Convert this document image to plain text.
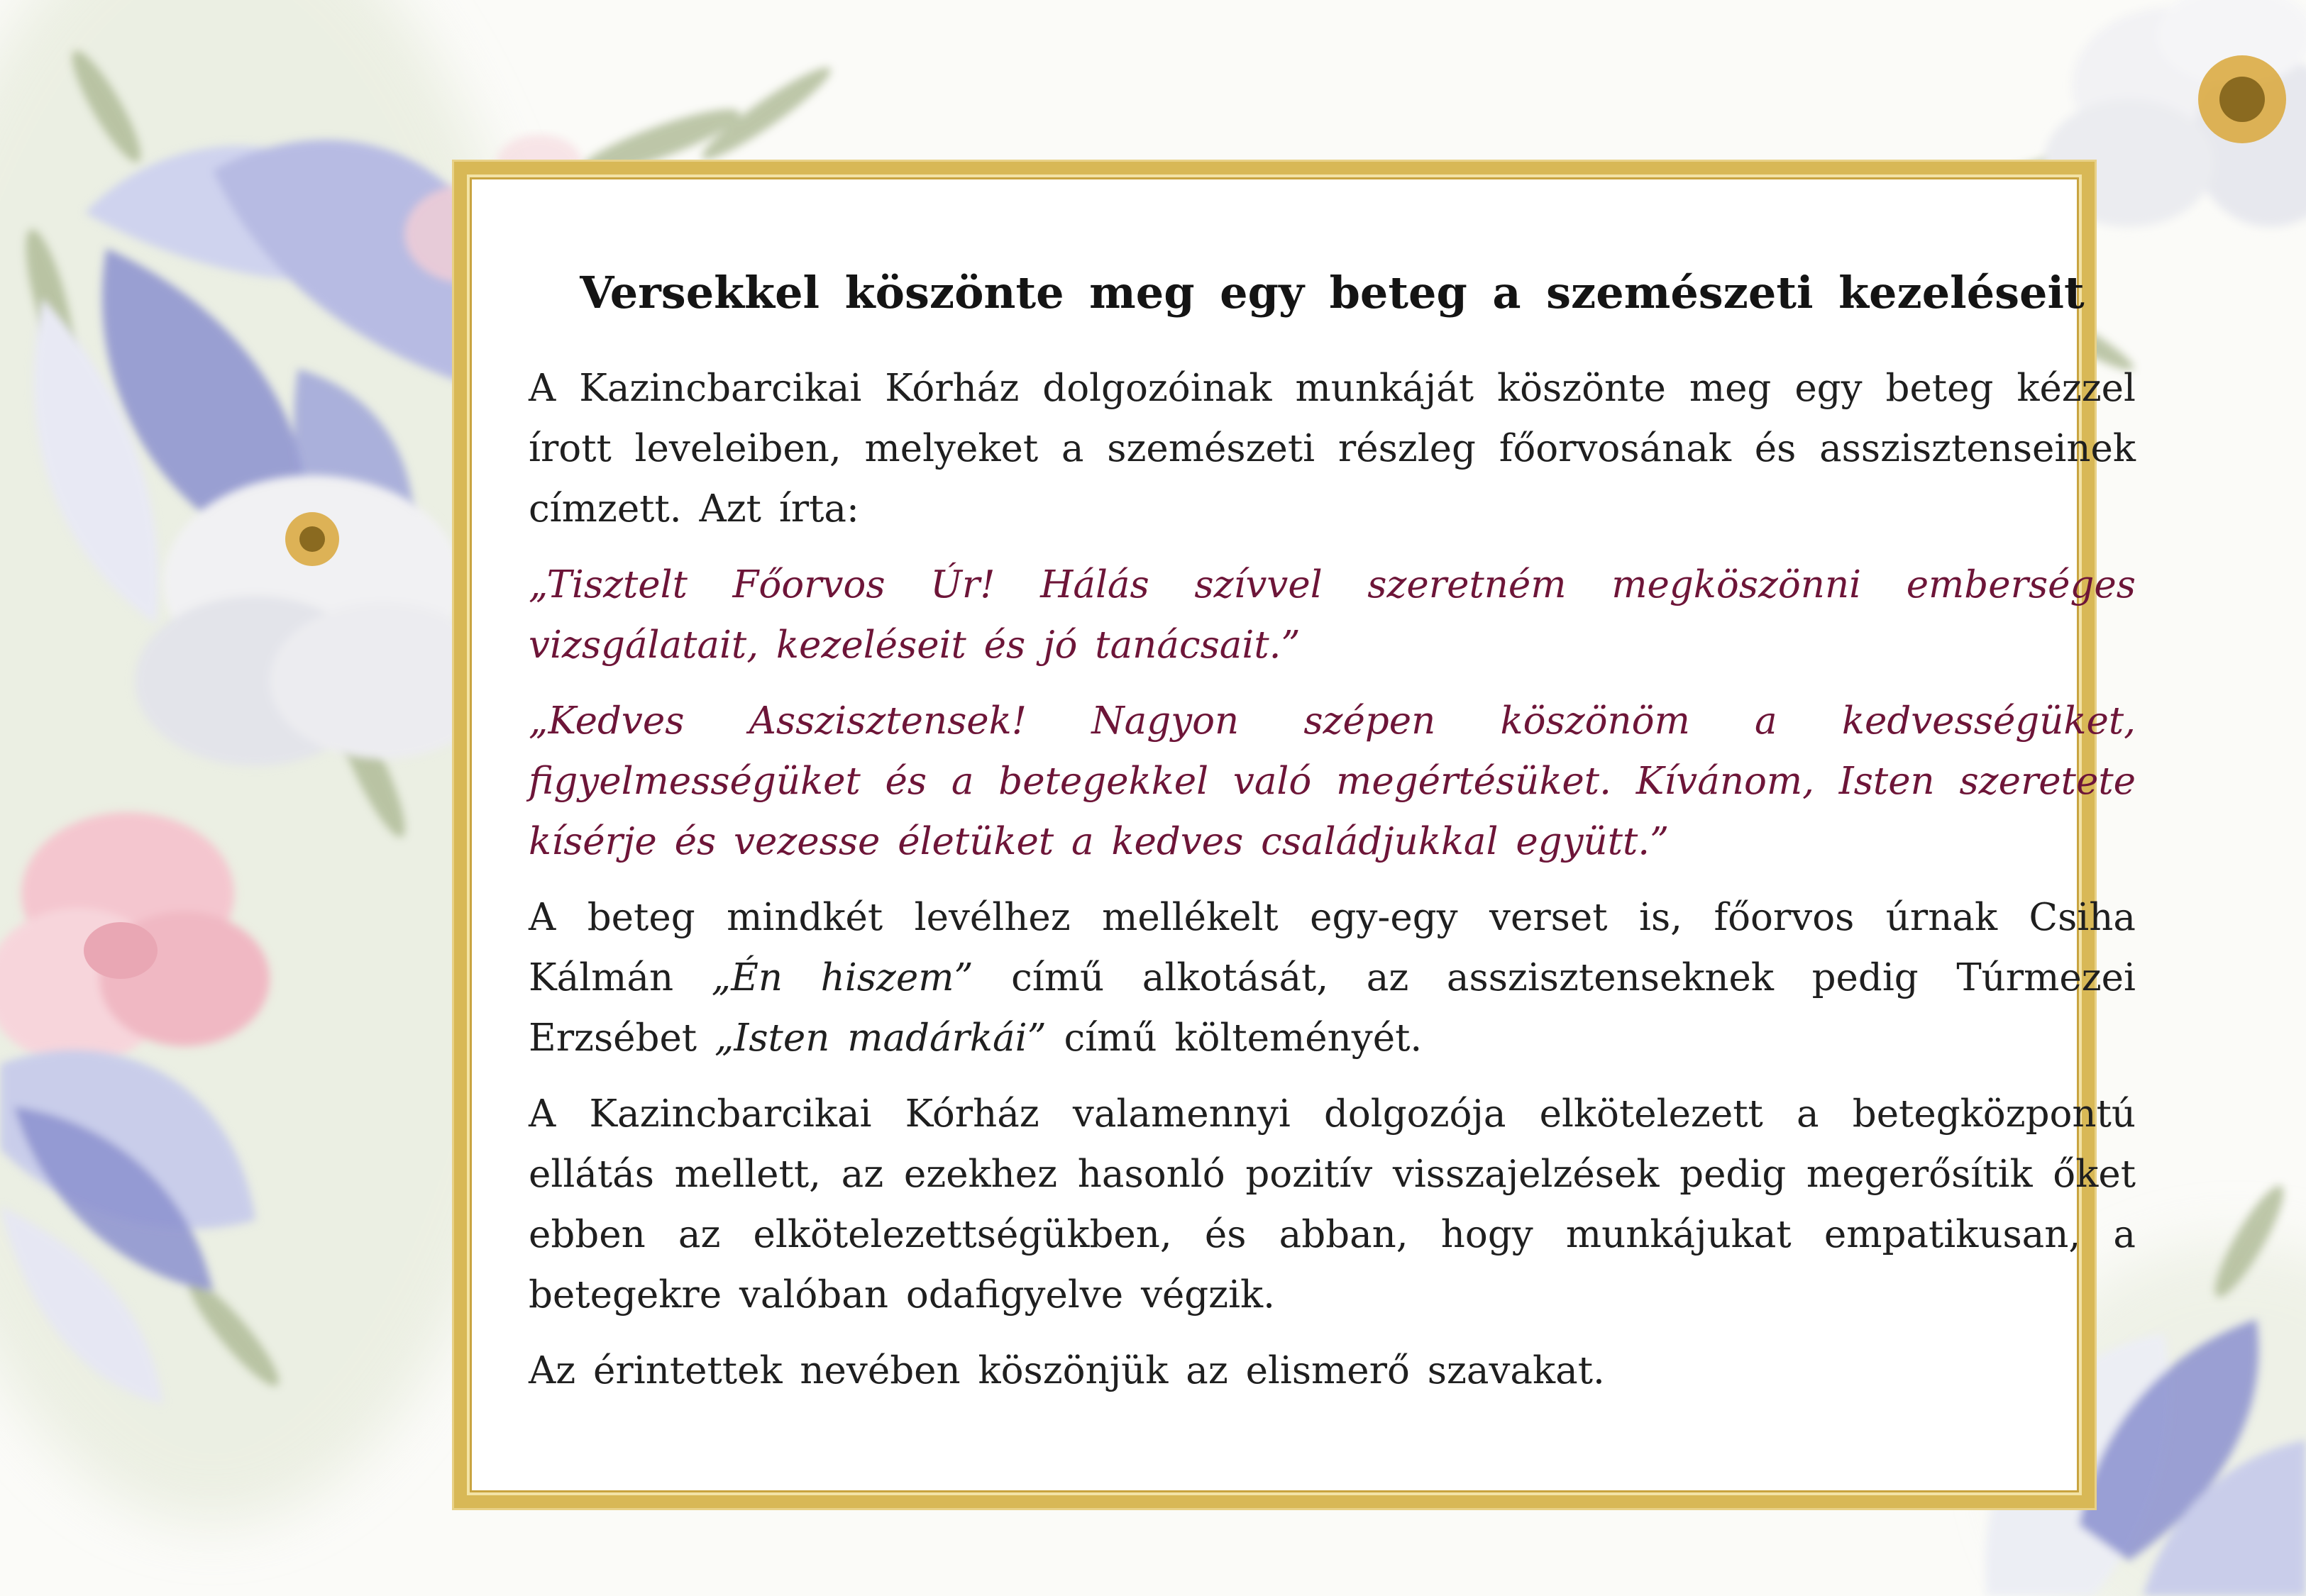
Versekkel köszönte meg egy beteg a szemészeti kezeléseit
A Kazincbarcikai Kórház dolgozóinak munkáját köszönte meg egy beteg kézzel írott leveleiben, melyeket a szemészeti részleg főorvosának és asszisztenseinek címzett. Azt írta:
„Tisztelt Főorvos Úr! Hálás szívvel szeretném megköszönni emberséges vizsgálatait, kezeléseit és jó tanácsait.”
„Kedves Asszisztensek! Nagyon szépen köszönöm a kedvességüket, figyelmességüket és a betegekkel való megértésüket. Kívánom, Isten szeretete kísérje és vezesse életüket a kedves családjukkal együtt.”
A beteg mindkét levélhez mellékelt egy-egy verset is, főorvos úrnak Csiha Kálmán „Én hiszem” című alkotását, az asszisztenseknek pedig Túrmezei Erzsébet „Isten madárkái” című költeményét.
A Kazincbarcikai Kórház valamennyi dolgozója elkötelezett a betegközpontú ellátás mellett, az ezekhez hasonló pozitív visszajelzések pedig megerősítik őket ebben az elkötelezettségükben, és abban, hogy munkájukat empatikusan, a betegekre valóban odafigyelve végzik.
Az érintettek nevében köszönjük az elismerő szavakat.
